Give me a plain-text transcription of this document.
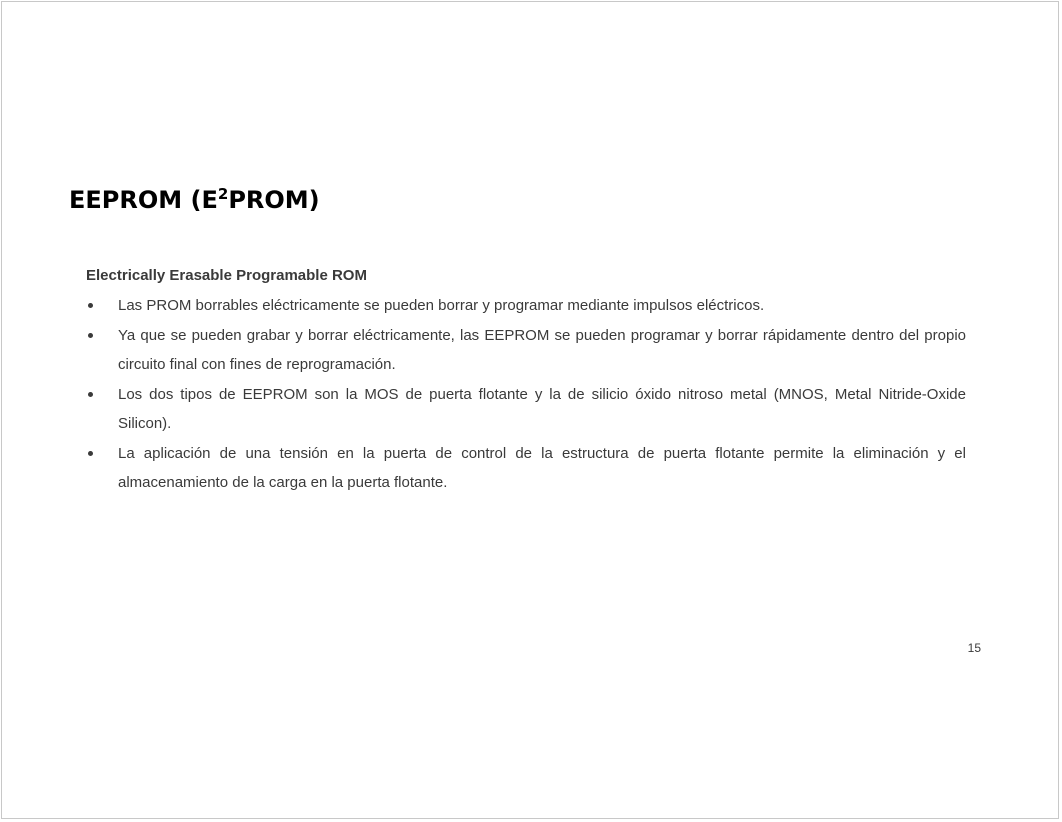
EEPROM $(E^2PROM)$
Electrically Erasable Programable ROM
Las PROM borrables eléctricamente se pueden borrar y programar mediante impulsos eléctricos.
Ya que se pueden grabar y borrar eléctricamente, las EEPROM se pueden programar y borrar rápidamente dentro del propio circuito final con fines de reprogramación.
Los dos tipos de EEPROM son la MOS de puerta flotante y la de silicio óxido nitroso metal (MNOS, Metal Nitride-Oxide Silicon).
La aplicación de una tensión en la puerta de control de la estructura de puerta flotante permite la eliminación y el almacenamiento de la carga en la puerta flotante.
15
